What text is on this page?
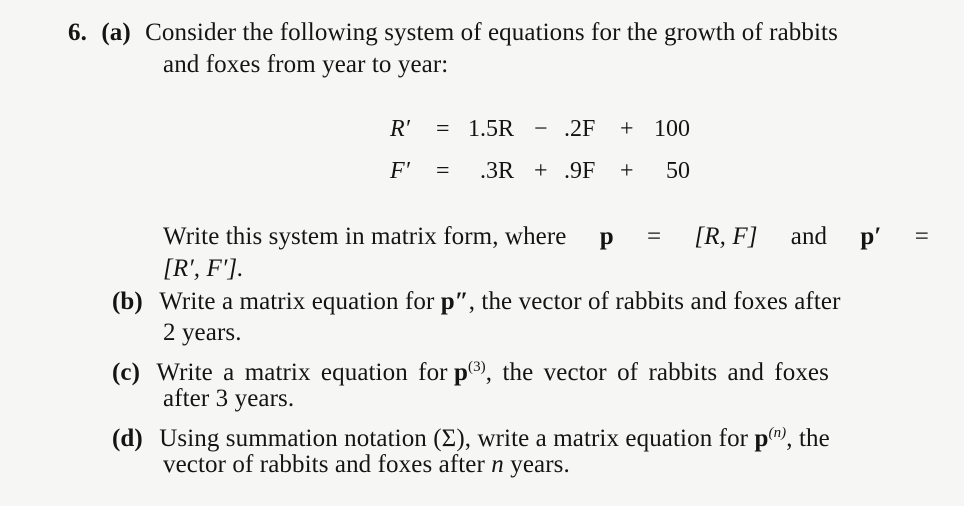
6. (a) Consider the following system of equations for the growth of rabbits
and foxes from year to year:
R′ = 1.5R − .2F + 100
F′ = .3R + .9F + 50
Write this system in matrix form, where p = [R, F] and p′ =
[R′, F′].
(b) Write a matrix equation for p″, the vector of rabbits and foxes after
2 years.
(c) Write a matrix equation for $p^{(3)}$, the vector of rabbits and foxes
after 3 years.
(d) Using summation notation (Σ), write a matrix equation for $p^{(n)}$, the
vector of rabbits and foxes after n years.
